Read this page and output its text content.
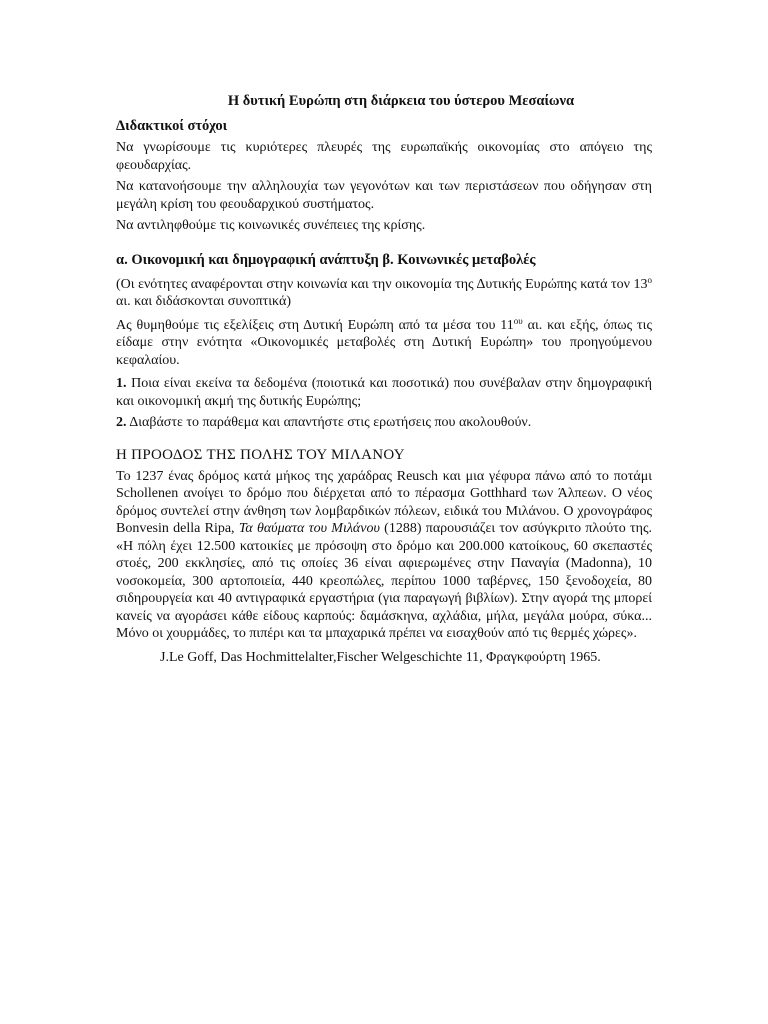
Η δυτική Ευρώπη στη διάρκεια του ύστερου Μεσαίωνα
Διδακτικοί στόχοι

Να γνωρίσουμε τις κυριότερες πλευρές της ευρωπαϊκής οικονομίας στο απόγειο της φεουδαρχίας.

Να κατανοήσουμε την αλληλουχία των γεγονότων και των περιστάσεων που οδήγησαν στη μεγάλη κρίση του φεουδαρχικού συστήματος.

Να αντιληφθούμε τις κοινωνικές συνέπειες της κρίσης.

α. Οικονομική και δημογραφική ανάπτυξη β. Κοινωνικές μεταβολές

(Οι ενότητες αναφέρονται στην κοινωνία και την οικονομία της Δυτικής Ευρώπης κατά τον $13^o$ αι. και διδάσκονται συνοπτικά)

Ας θυμηθούμε τις εξελίξεις στη Δυτική Ευρώπη από τα μέσα του $11^{o\upsilon}$ αι. και εξής, όπως τις είδαμε στην ενότητα «Οικονομικές μεταβολές στη Δυτική Ευρώπη» του προηγούμενου κεφαλαίου.

1. Ποια είναι εκείνα τα δεδομένα (ποιοτικά και ποσοτικά) που συνέβαλαν στην δημογραφική και οικονομική ακμή της δυτικής Ευρώπης;

2. Διαβάστε το παράθεμα και απαντήστε στις ερωτήσεις που ακολουθούν.

Η ΠΡΟΟΔΟΣ ΤΗΣ ΠΟΛΗΣ ΤΟΥ ΜΙΛΑΝΟΥ

Το 1237 ένας δρόμος κατά μήκος της χαράδρας Reusch και μια γέφυρα πάνω από το ποτάμι Schollenen ανοίγει το δρόμο που διέρχεται από το πέρασμα Gotthhard των Άλπεων. Ο νέος δρόμος συντελεί στην άνθηση των λομβαρδικών πόλεων, ειδικά του Μιλάνου. Ο χρονογράφος Bonvesin della Ripa, Τα θαύματα του Μιλάνου (1288) παρουσιάζει τον ασύγκριτο πλούτο της. «Η πόλη έχει 12.500 κατοικίες με πρόσοψη στο δρόμο και 200.000 κατοίκους, 60 σκεπαστές στοές, 200 εκκλησίες, από τις οποίες 36 είναι αφιερωμένες στην Παναγία (Madonna), 10 νοσοκομεία, 300 αρτοποιεία, 440 κρεοπώλες, περίπου 1000 ταβέρνες, 150 ξενοδοχεία, 80 σιδηρουργεία και 40 αντιγραφικά εργαστήρια (για παραγωγή βιβλίων). Στην αγορά της μπορεί κανείς να αγοράσει κάθε είδους καρπούς: δαμάσκηνα, αχλάδια, μήλα, μεγάλα μούρα, σύκα... Μόνο οι χουρμάδες, το πιπέρι και τα μπαχαρικά πρέπει να εισαχθούν από τις θερμές χώρες».

J.Le Goff, Das Hochmittelalter,Fischer Welgeschichte 11, Φραγκφούρτη 1965.
